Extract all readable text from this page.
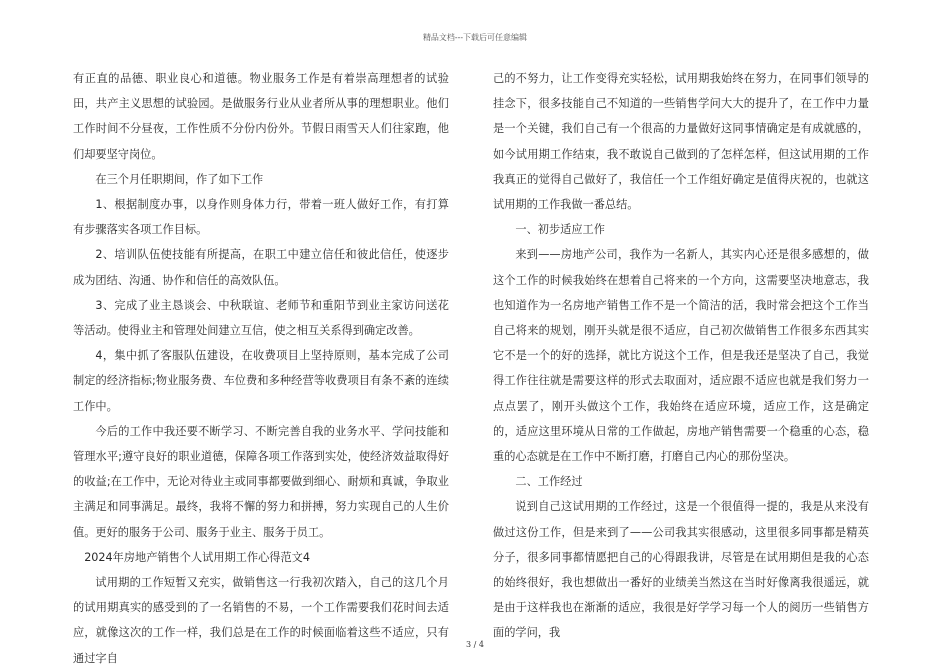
精品文档---下载后可任意编辑

有正直的品德、职业良心和道德。物业服务工作是有着崇高理想者的试验田，共产主义思想的试验园。是做服务行业从业者所从事的理想职业。他们工作时间不分昼夜，工作性质不分份内份外。节假日雨雪天人们往家跑，他们却要坚守岗位。

在三个月任职期间，作了如下工作

1、根据制度办事，以身作则身体力行，带着一班人做好工作，有打算有步骤落实各项工作目标。

2、培训队伍使技能有所提高，在职工中建立信任和彼此信任，使逐步成为团结、沟通、协作和信任的高效队伍。

3、完成了业主恳谈会、中秋联谊、老师节和重阳节到业主家访问送花等活动。使得业主和管理处间建立互信，使之相互关系得到确定改善。

4，集中抓了客服队伍建设，在收费项目上坚持原则，基本完成了公司制定的经济指标;物业服务费、车位费和多种经营等收费项目有条不紊的连续工作中。

今后的工作中我还要不断学习、不断完善自我的业务水平、学问技能和管理水平;遵守良好的职业道德，保障各项工作落到实处，使经济效益取得好的收益;在工作中，无论对待业主或同事都要做到细心、耐烦和真诚，争取业主满足和同事满足。最终，我将不懈的努力和拼搏，努力实现自己的人生价值。更好的服务于公司、服务于业主、服务于员工。

2024年房地产销售个人试用期工作心得范文4

试用期的工作短暂又充实，做销售这一行我初次踏入，自己的这几个月的试用期真实的感受到的了一名销售的不易，一个工作需要我们花时间去适应，就像这次的工作一样，我们总是在工作的时候面临着这些不适应，只有通过字自

己的不努力，让工作变得充实轻松，试用期我始终在努力，在同事们领导的挂念下，很多技能自己不知道的一些销售学问大大的提升了，在工作中力量是一个关键，我们自己有一个很高的力量做好这同事情确定是有成就感的，如今试用期工作结束，我不敢说自己做到的了怎样怎样，但这试用期的工作我真正的觉得自己做好了，我信任一个工作组好确定是值得庆祝的，也就这试用期的工作我做一番总结。

一、初步适应工作

来到——房地产公司，我作为一名新人，其实内心还是很多感想的，做这个工作的时候我始终在想着自己将来的一个方向，这需要坚决地意志，我也知道作为一名房地产销售工作不是一个简洁的活，我时常会把这个工作当自己将来的规划，刚开头就是很不适应，自己初次做销售工作很多东西其实它不是一个的好的选择，就比方说这个工作，但是我还是坚决了自己，我觉得工作往往就是需要这样的形式去取面对，适应跟不适应也就是我们努力一点点罢了，刚开头做这个工作，我始终在适应环境，适应工作，这是确定的，适应这里环境从日常的工作做起，房地产销售需要一个稳重的心态，稳重的心态就是在工作中不断打磨，打磨自己内心的那份坚决。

二、工作经过

说到自己这试用期的工作经过，这是一个很值得一提的，我是从来没有做过这份工作，但是来到了——公司我其实很感动，这里很多同事都是精英分子，很多同事都情愿把自己的心得跟我讲，尽管是在试用期但是我的心态的始终很好，我也想做出一番好的业绩美当然这在当时好像离我很遥远，就是由于这样我也在渐渐的适应，我很是好学学习每一个人的阅历一些销售方面的学问，我

3 / 4
